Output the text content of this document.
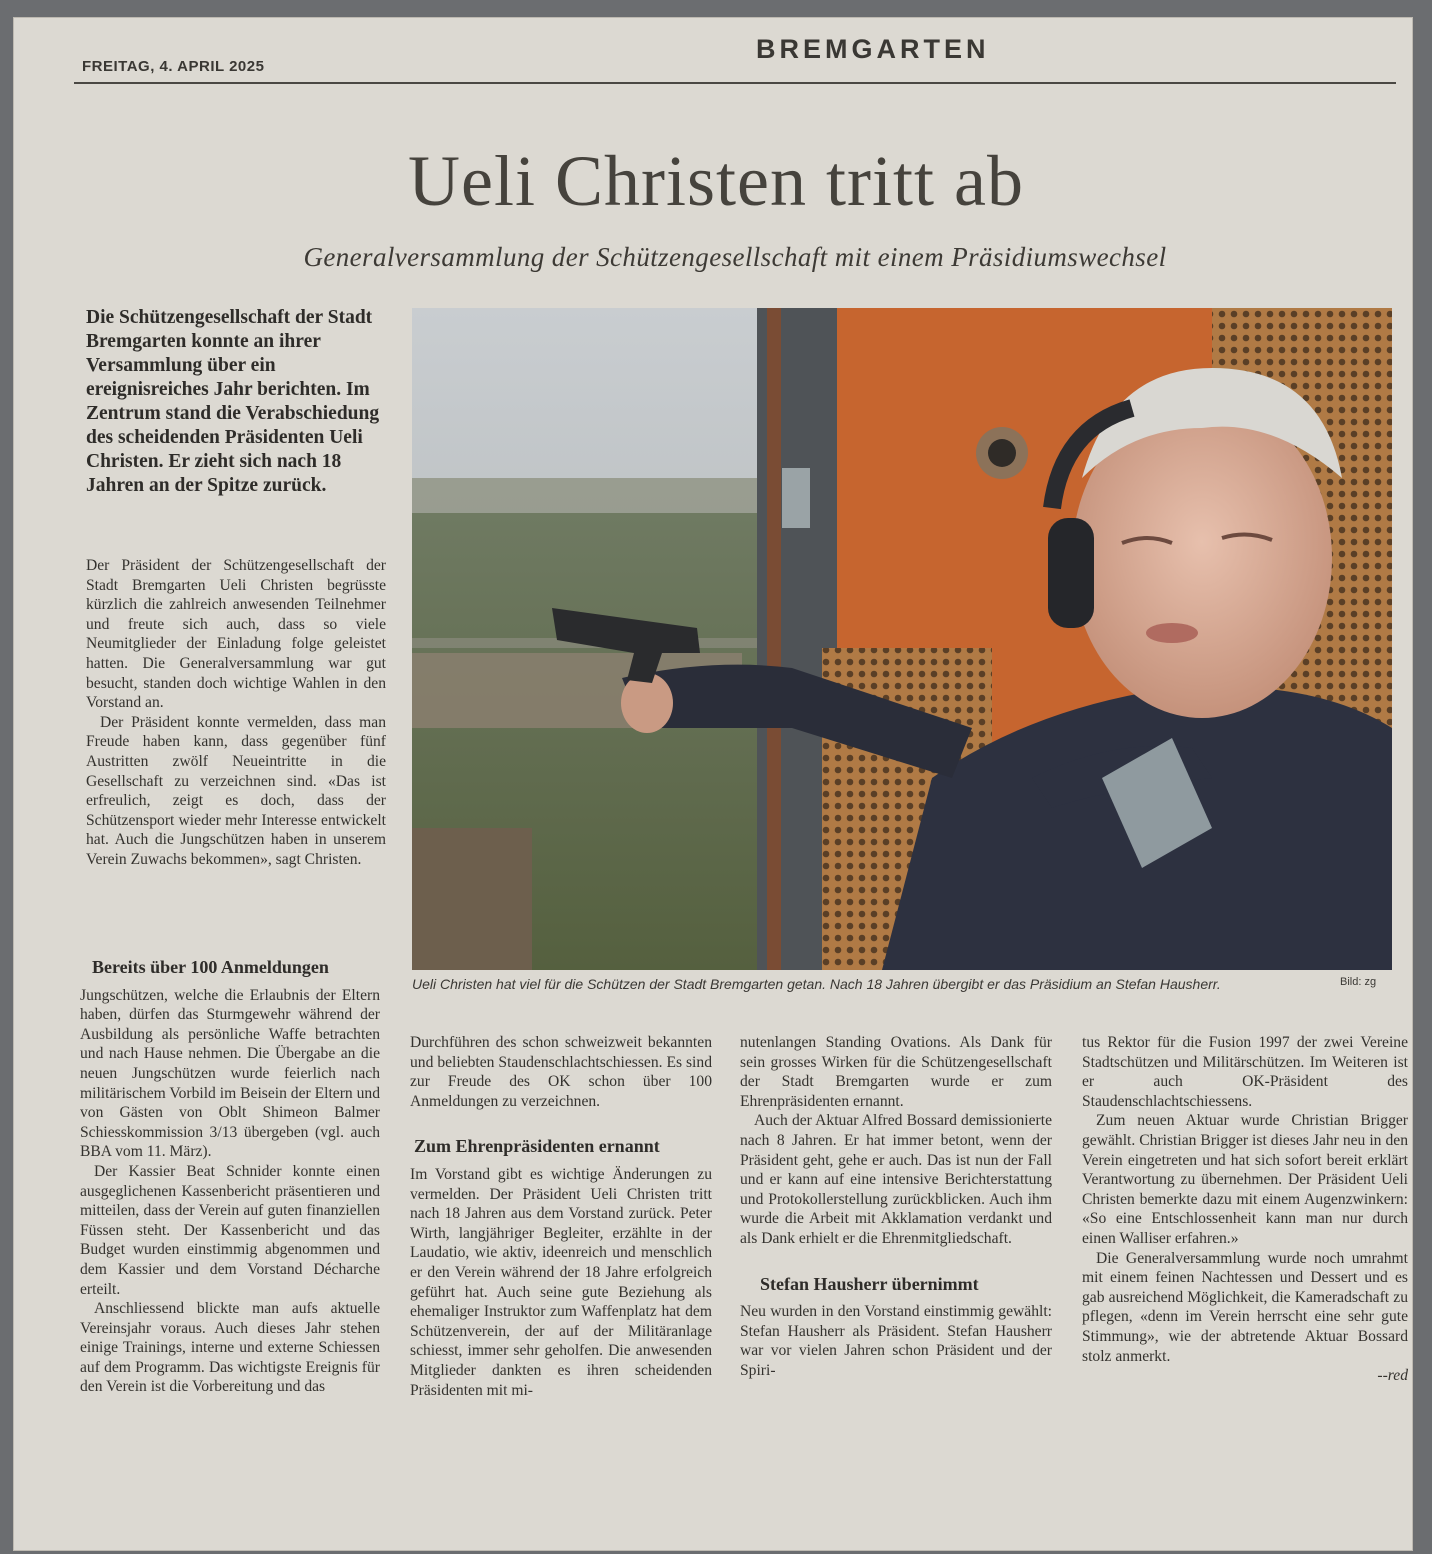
FREITAG, 4. APRIL 2025
BREMGARTEN
Ueli Christen tritt ab
Generalversammlung der Schützengesellschaft mit einem Präsidiumswechsel
Die Schützengesellschaft der Stadt Bremgarten konnte an ihrer Versammlung über ein ereignisreiches Jahr berichten. Im Zentrum stand die Verabschiedung des scheidenden Präsidenten Ueli Christen. Er zieht sich nach 18 Jahren an der Spitze zurück.

Der Präsident der Schützengesellschaft der Stadt Bremgarten Ueli Christen begrüsste kürzlich die zahlreich anwesenden Teilnehmer und freute sich auch, dass so viele Neumitglieder der Einladung folge geleistet hatten. Die Generalversammlung war gut besucht, standen doch wichtige Wahlen in den Vorstand an.

Der Präsident konnte vermelden, dass man Freude haben kann, dass gegenüber fünf Austritten zwölf Neueintritte in die Gesellschaft zu verzeichnen sind. «Das ist erfreulich, zeigt es doch, dass der Schützensport wieder mehr Interesse entwickelt hat. Auch die Jungschützen haben in unserem Verein Zuwachs bekommen», sagt Christen.

Bereits über 100 Anmeldungen

Jungschützen, welche die Erlaubnis der Eltern haben, dürfen das Sturmgewehr während der Ausbildung als persönliche Waffe betrachten und nach Hause nehmen. Die Übergabe an die neuen Jungschützen wurde feierlich nach militärischem Vorbild im Beisein der Eltern und von Gästen von Oblt Shimeon Balmer Schiesskommission 3/13 übergeben (vgl. auch BBA vom 11. März).

Der Kassier Beat Schnider konnte einen ausgeglichenen Kassenbericht präsentieren und mitteilen, dass der Verein auf guten finanziellen Füssen steht. Der Kassenbericht und das Budget wurden einstimmig abgenommen und dem Kassier und dem Vorstand Décharche erteilt.

Anschliessend blickte man aufs aktuelle Vereinsjahr voraus. Auch dieses Jahr stehen einige Trainings, interne und externe Schiessen auf dem Programm. Das wichtigste Ereignis für den Verein ist die Vorbereitung und das

Ueli Christen hat viel für die Schützen der Stadt Bremgarten getan. Nach 18 Jahren übergibt er das Präsidium an Stefan Hausherr.	Bild: zg

Durchführen des schon schweizweit bekannten und beliebten Staudenschlachtschiessen. Es sind zur Freude des OK schon über 100 Anmeldungen zu verzeichnen.

Zum Ehrenpräsidenten ernannt

Im Vorstand gibt es wichtige Änderungen zu vermelden. Der Präsident Ueli Christen tritt nach 18 Jahren aus dem Vorstand zurück. Peter Wirth, langjähriger Begleiter, erzählte in der Laudatio, wie aktiv, ideenreich und menschlich er den Verein während der 18 Jahre erfolgreich geführt hat. Auch seine gute Beziehung als ehemaliger Instruktor zum Waffenplatz hat dem Schützenverein, der auf der Militäranlage schiesst, immer sehr geholfen. Die anwesenden Mitglieder dankten es ihren scheidenden Präsidenten mit mi-

nutenlangen Standing Ovations. Als Dank für sein grosses Wirken für die Schützengesellschaft der Stadt Bremgarten wurde er zum Ehrenpräsidenten ernannt.

Auch der Aktuar Alfred Bossard demissionierte nach 8 Jahren. Er hat immer betont, wenn der Präsident geht, gehe er auch. Das ist nun der Fall und er kann auf eine intensive Berichterstattung und Protokollerstellung zurückblicken. Auch ihm wurde die Arbeit mit Akklamation verdankt und als Dank erhielt er die Ehrenmitgliedschaft.

Stefan Hausherr übernimmt

Neu wurden in den Vorstand einstimmig gewählt: Stefan Hausherr als Präsident. Stefan Hausherr war vor vielen Jahren schon Präsident und der Spiri-

tus Rektor für die Fusion 1997 der zwei Vereine Stadtschützen und Militärschützen. Im Weiteren ist er auch OK-Präsident des Staudenschlachtschiessens.

Zum neuen Aktuar wurde Christian Brigger gewählt. Christian Brigger ist dieses Jahr neu in den Verein eingetreten und hat sich sofort bereit erklärt Verantwortung zu übernehmen. Der Präsident Ueli Christen bemerkte dazu mit einem Augenzwinkern: «So eine Entschlossenheit kann man nur durch einen Walliser erfahren.»

Die Generalversammlung wurde noch umrahmt mit einem feinen Nachtessen und Dessert und es gab ausreichend Möglichkeit, die Kameradschaft zu pflegen, «denn im Verein herrscht eine sehr gute Stimmung», wie der abtretende Aktuar Bossard stolz anmerkt.

--red
